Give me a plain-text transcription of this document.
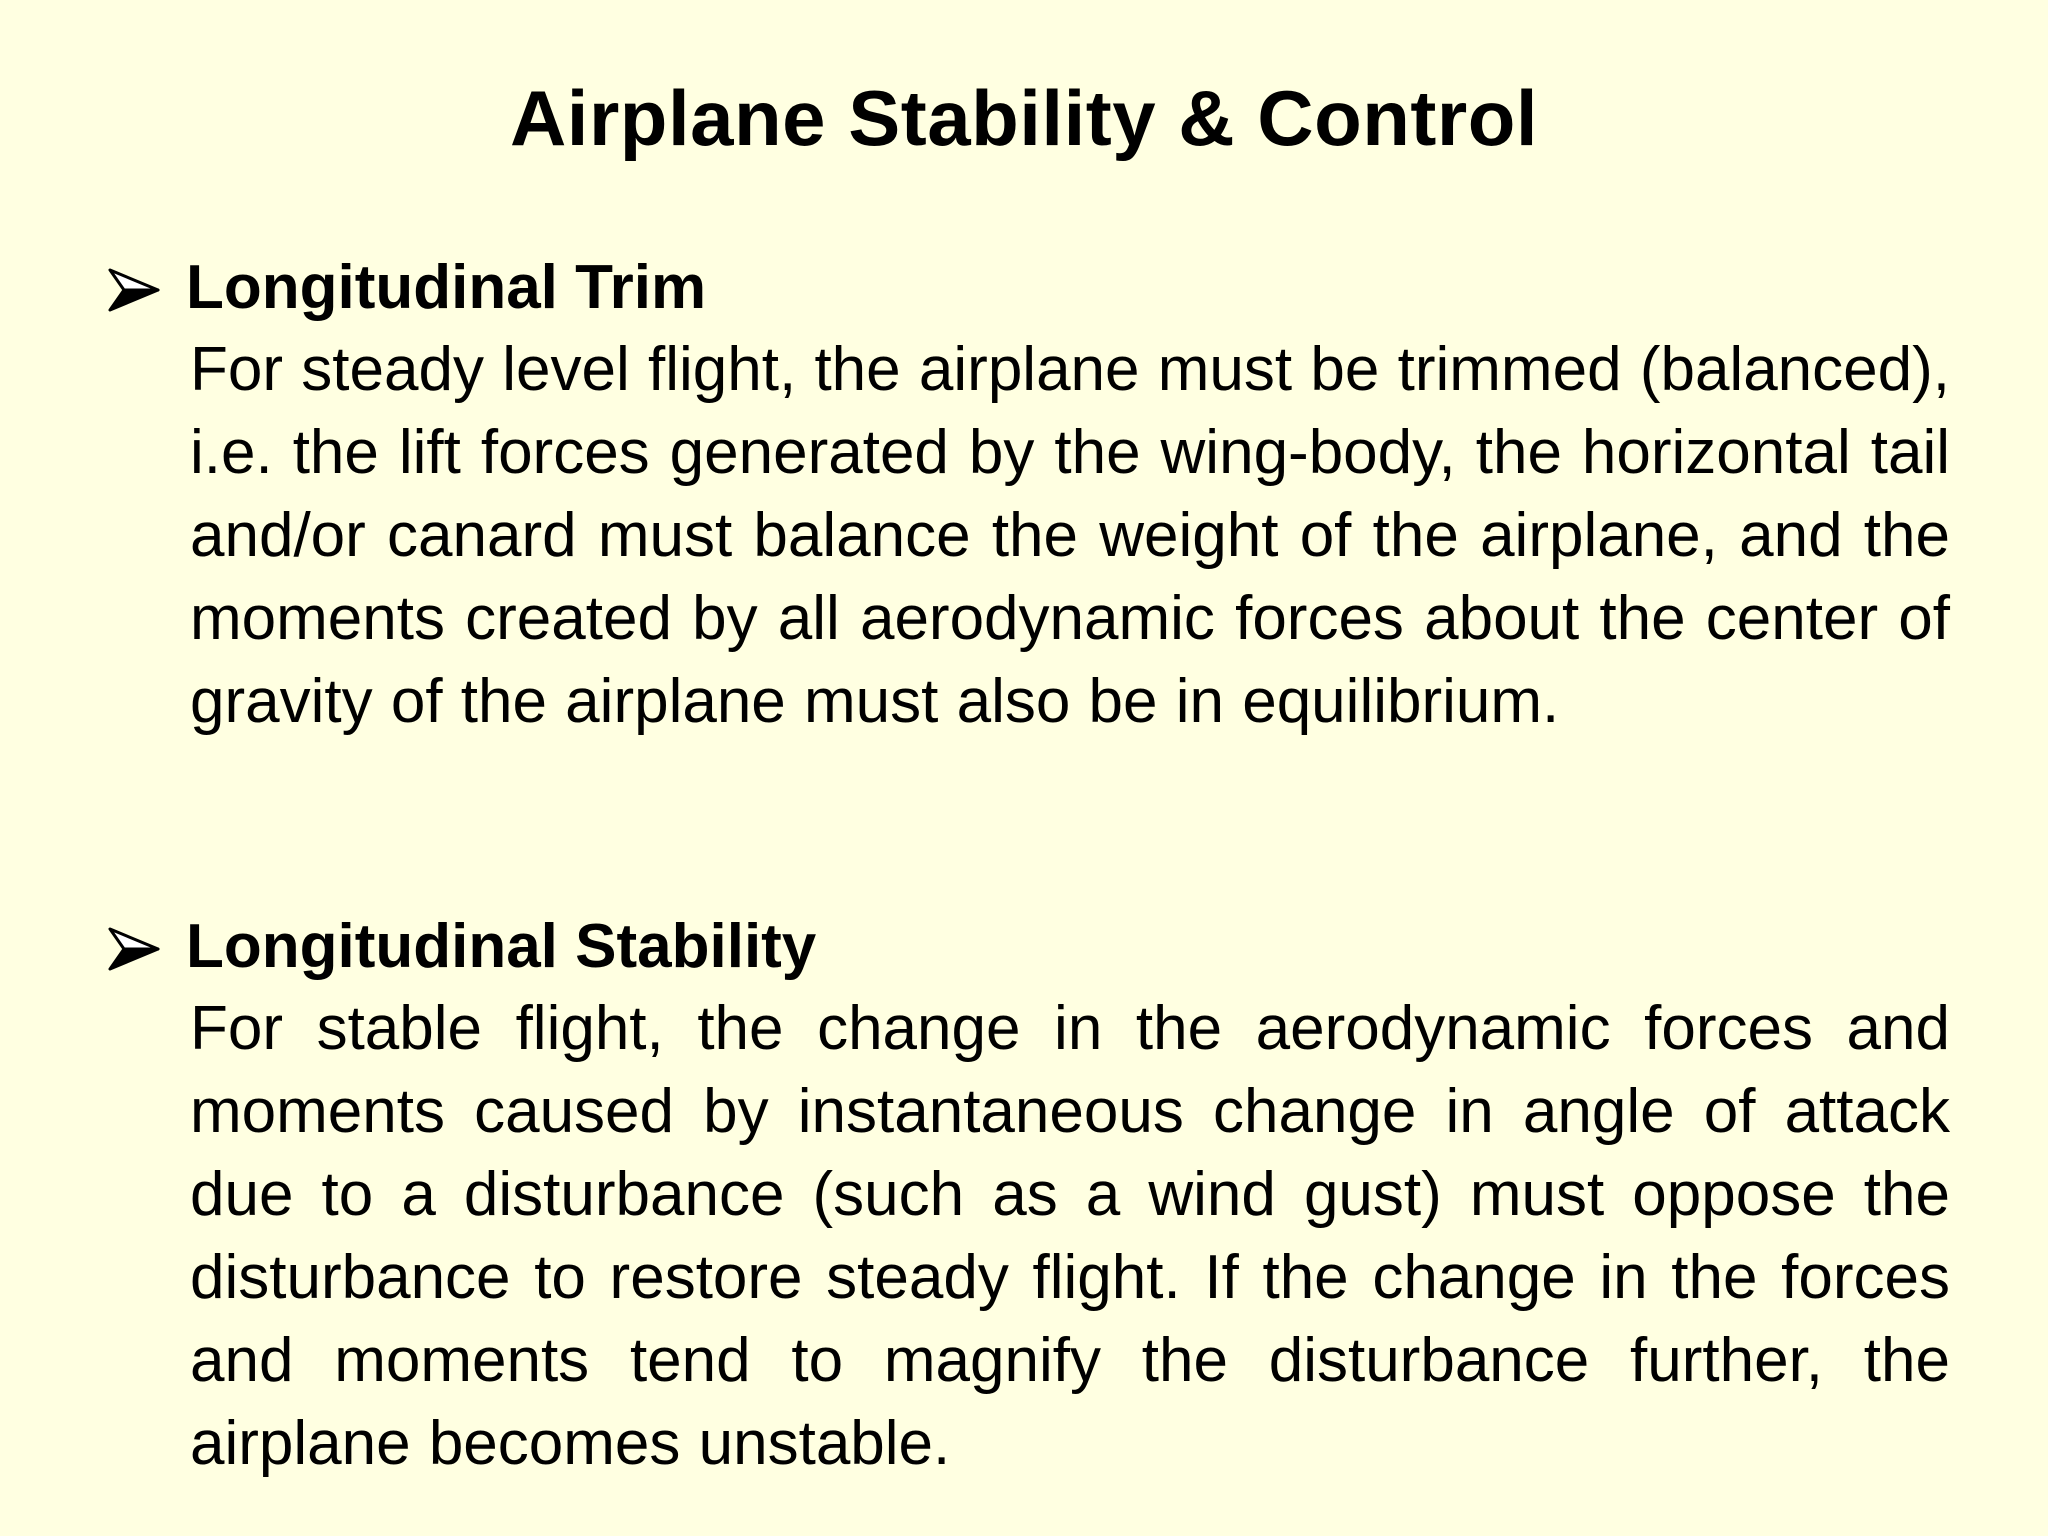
Airplane Stability & Control
Longitudinal Trim
For steady level flight, the airplane must be trimmed (balanced), i.e. the lift forces generated by the wing-body, the horizontal tail and/or canard must balance the weight of the airplane, and the moments created by all aerodynamic forces about the center of gravity of the airplane must also be in equilibrium.
Longitudinal Stability
For stable flight, the change in the aerodynamic forces and moments caused by instantaneous change in angle of attack due to a disturbance (such as a wind gust) must oppose the disturbance to restore steady flight. If the change in the forces and moments tend to magnify the disturbance further, the airplane becomes unstable.
